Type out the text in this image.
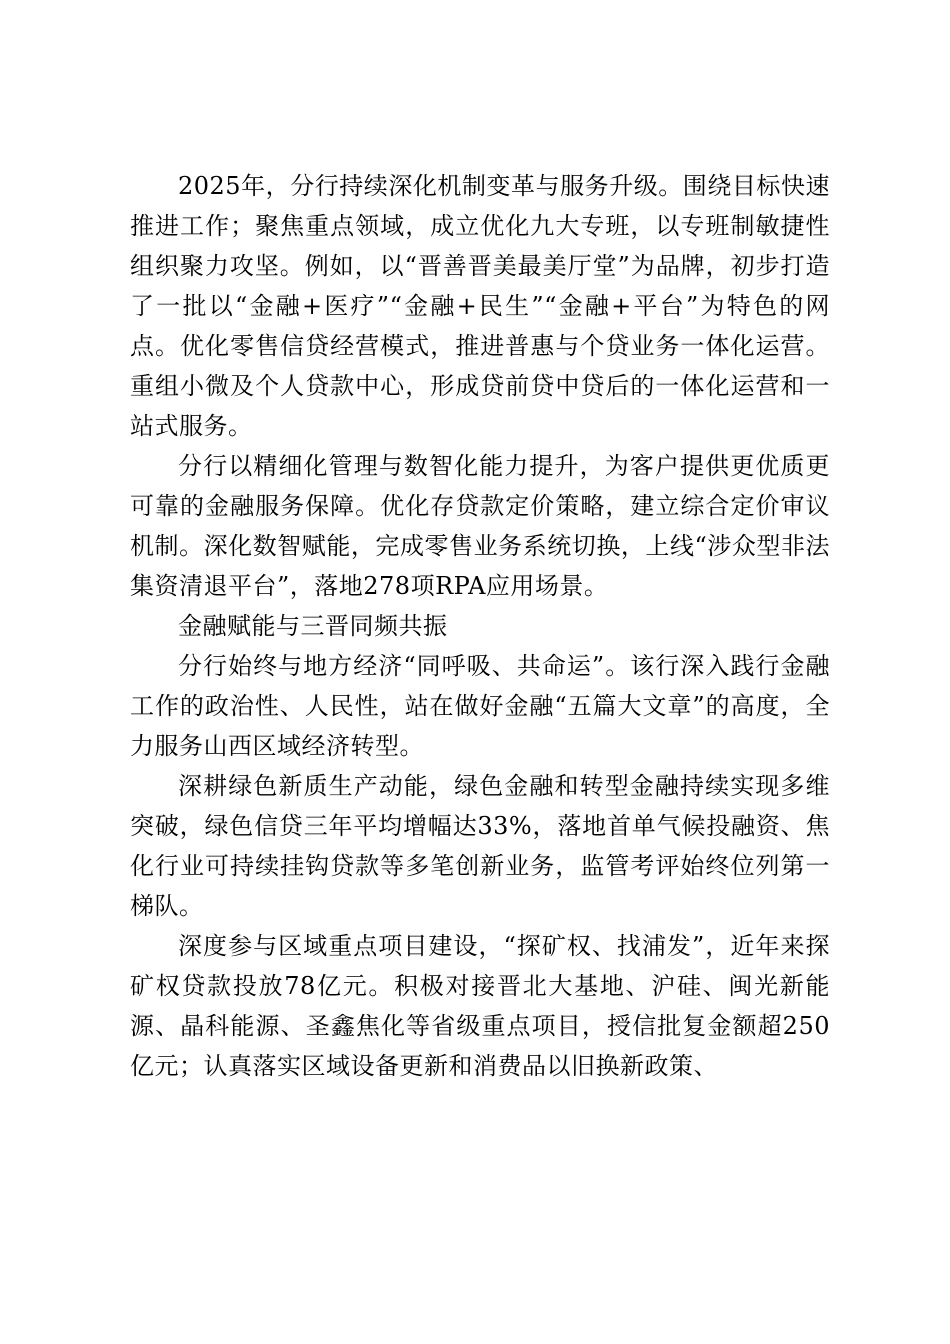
2025年，分行持续深化机制变革与服务升级。围绕目标快速推进工作；聚焦重点领域，成立优化九大专班，以专班制敏捷性组织聚力攻坚。例如，以“晋善晋美最美厅堂”为品牌，初步打造了一批以“金融+医疗”“金融+民生”“金融+平台”为特色的网点。优化零售信贷经营模式，推进普惠与个贷业务一体化运营。重组小微及个人贷款中心，形成贷前贷中贷后的一体化运营和一站式服务。

分行以精细化管理与数智化能力提升，为客户提供更优质更可靠的金融服务保障。优化存贷款定价策略，建立综合定价审议机制。深化数智赋能，完成零售业务系统切换，上线“涉众型非法集资清退平台”，落地278项RPA应用场景。

金融赋能与三晋同频共振

分行始终与地方经济“同呼吸、共命运”。该行深入践行金融工作的政治性、人民性，站在做好金融“五篇大文章”的高度，全力服务山西区域经济转型。

深耕绿色新质生产动能，绿色金融和转型金融持续实现多维突破，绿色信贷三年平均增幅达33%，落地首单气候投融资、焦化行业可持续挂钩贷款等多笔创新业务，监管考评始终位列第一梯队。

深度参与区域重点项目建设，“探矿权、找浦发”，近年来探矿权贷款投放78亿元。积极对接晋北大基地、沪硅、闽光新能源、晶科能源、圣鑫焦化等省级重点项目，授信批复金额超250亿元；认真落实区域设备更新和消费品以旧换新政策、
